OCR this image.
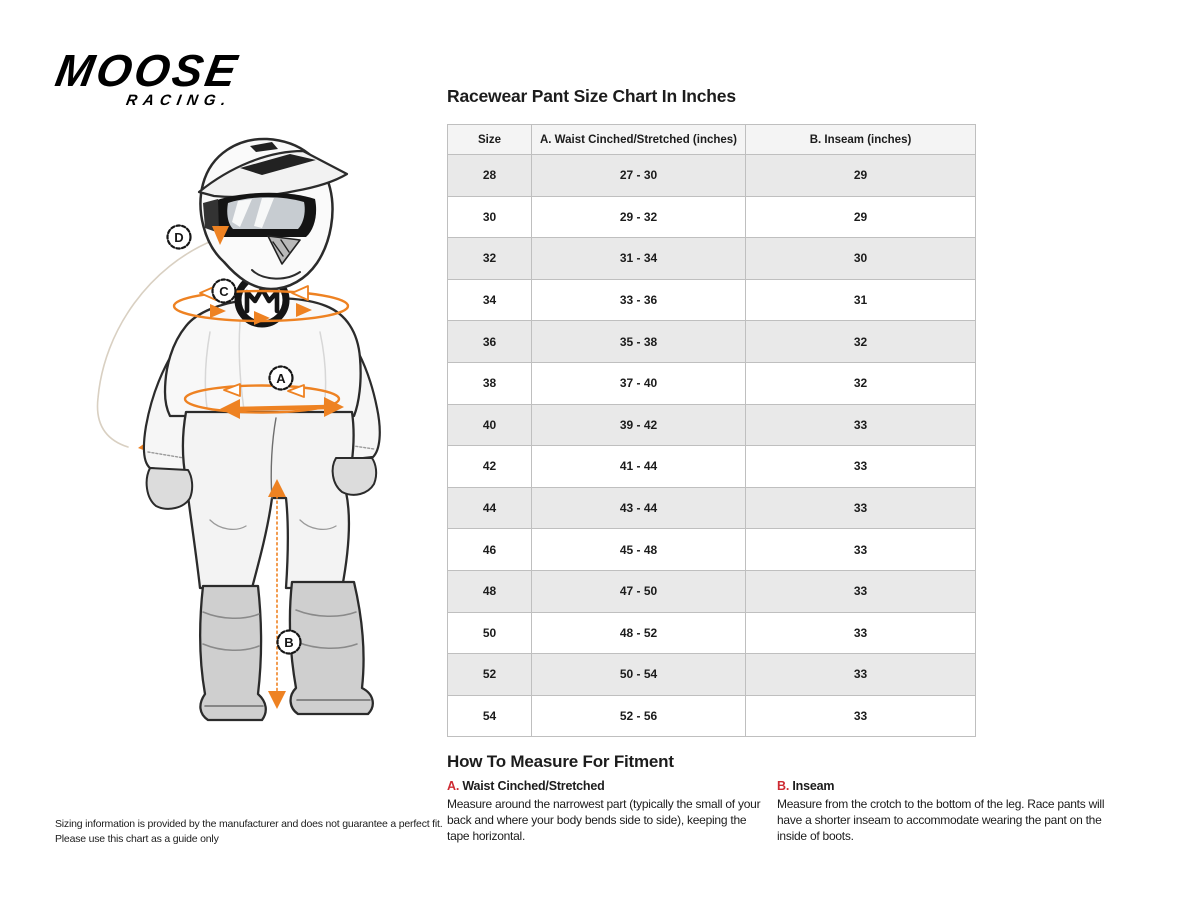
MOOSE
RACING.
D
C
A
B
Racewear Pant Size Chart In Inches
Size	A. Waist Cinched/Stretched (inches)	B. Inseam (inches)
28	27 - 30	29
30	29 - 32	29
32	31 - 34	30
34	33 - 36	31
36	35 - 38	32
38	37 - 40	32
40	39 - 42	33
42	41 - 44	33
44	43 - 44	33
46	45 - 48	33
48	47 - 50	33
50	48 - 52	33
52	50 - 54	33
54	52 - 56	33
How To Measure For Fitment
A. Waist Cinched/Stretched

Measure around the narrowest part (typically the small of your back and where your body bends side to side), keeping the tape horizontal.

B. Inseam

Measure from the crotch to the bottom of the leg. Race pants will have a shorter inseam to accommodate wearing the pant on the inside of boots.

Sizing information is provided by the manufacturer and does not guarantee a perfect fit.
Please use this chart as a guide only
